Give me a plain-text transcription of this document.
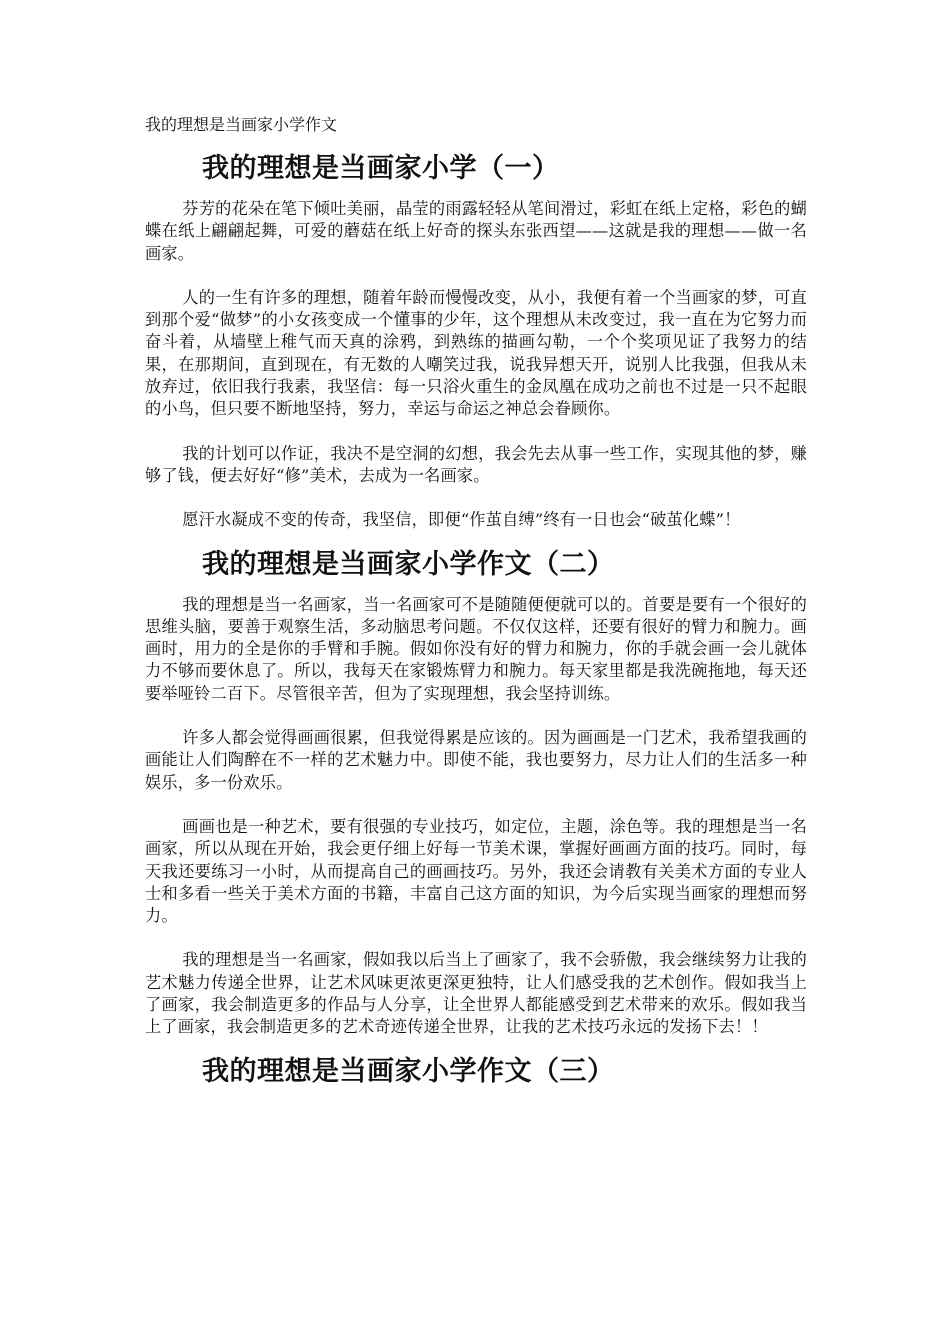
我的理想是当画家小学作文
我的理想是当画家小学（一）

芬芳的花朵在笔下倾吐美丽，晶莹的雨露轻轻从笔间滑过，彩虹在纸上定格，彩色的蝴蝶在纸上翩翩起舞，可爱的蘑菇在纸上好奇的探头东张西望——这就是我的理想——做一名画家。

人的一生有许多的理想，随着年龄而慢慢改变，从小，我便有着一个当画家的梦，可直到那个爱“做梦”的小女孩变成一个懂事的少年，这个理想从未改变过，我一直在为它努力而奋斗着，从墙壁上稚气而天真的涂鸦，到熟练的描画勾勒，一个个奖项见证了我努力的结果，在那期间，直到现在，有无数的人嘲笑过我，说我异想天开，说别人比我强，但我从未放弃过，依旧我行我素，我坚信：每一只浴火重生的金凤凰在成功之前也不过是一只不起眼的小鸟，但只要不断地坚持，努力，幸运与命运之神总会眷顾你。

我的计划可以作证，我决不是空洞的幻想，我会先去从事一些工作，实现其他的梦，赚够了钱，便去好好“修”美术，去成为一名画家。

愿汗水凝成不变的传奇，我坚信，即便“作茧自缚”终有一日也会“破茧化蝶”！

我的理想是当画家小学作文（二）

我的理想是当一名画家，当一名画家可不是随随便便就可以的。首要是要有一个很好的思维头脑，要善于观察生活，多动脑思考问题。不仅仅这样，还要有很好的臂力和腕力。画画时，用力的全是你的手臂和手腕。假如你没有好的臂力和腕力，你的手就会画一会儿就体力不够而要休息了。所以，我每天在家锻炼臂力和腕力。每天家里都是我洗碗拖地，每天还要举哑铃二百下。尽管很辛苦，但为了实现理想，我会坚持训练。

许多人都会觉得画画很累，但我觉得累是应该的。因为画画是一门艺术，我希望我画的画能让人们陶醉在不一样的艺术魅力中。即使不能，我也要努力，尽力让人们的生活多一种娱乐，多一份欢乐。

画画也是一种艺术，要有很强的专业技巧，如定位，主题，涂色等。我的理想是当一名画家，所以从现在开始，我会更仔细上好每一节美术课，掌握好画画方面的技巧。同时，每天我还要练习一小时，从而提高自己的画画技巧。另外，我还会请教有关美术方面的专业人士和多看一些关于美术方面的书籍，丰富自己这方面的知识，为今后实现当画家的理想而努力。

我的理想是当一名画家，假如我以后当上了画家了，我不会骄傲，我会继续努力让我的艺术魅力传递全世界，让艺术风味更浓更深更独特，让人们感受我的艺术创作。假如我当上了画家，我会制造更多的作品与人分享，让全世界人都能感受到艺术带来的欢乐。假如我当上了画家，我会制造更多的艺术奇迹传递全世界，让我的艺术技巧永远的发扬下去！！

我的理想是当画家小学作文（三）
